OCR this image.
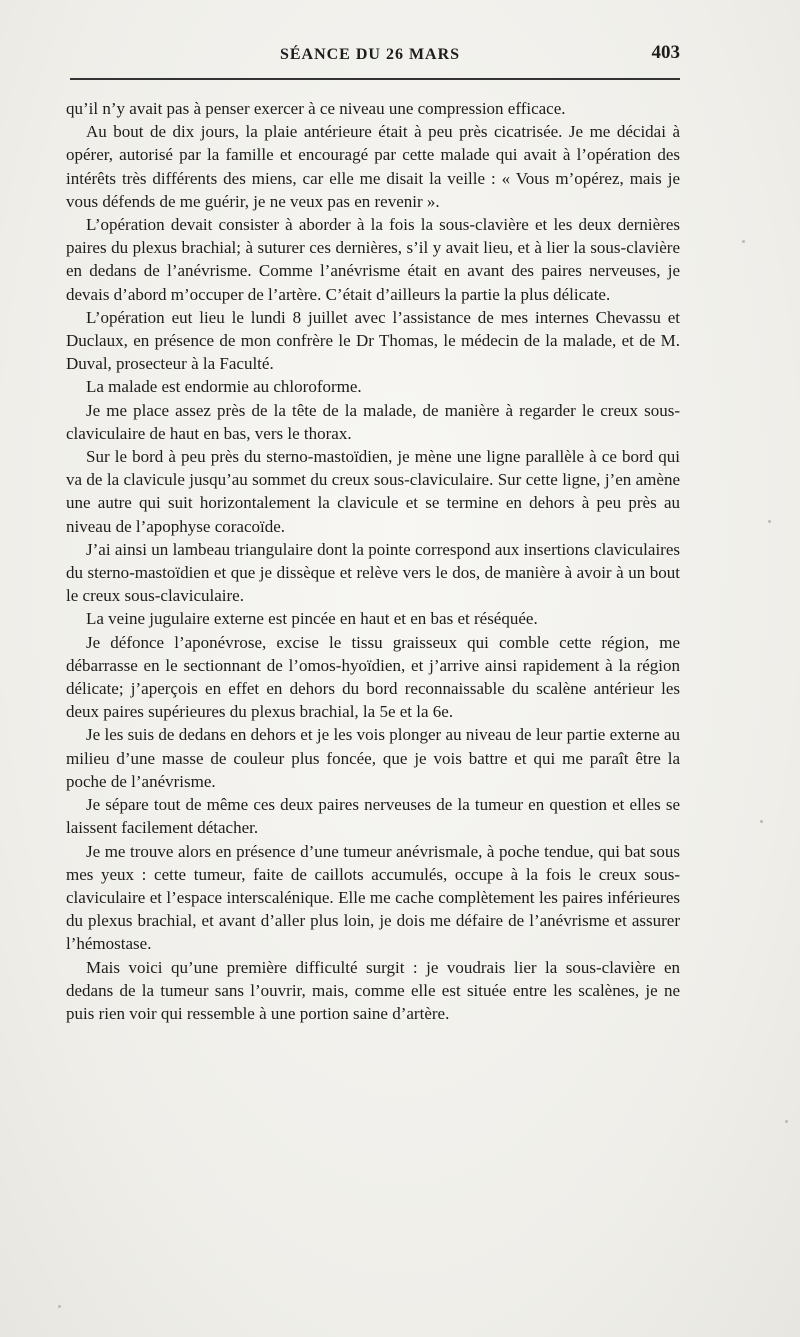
SÉANCE DU 26 MARS	403

qu’il n’y avait pas à penser exercer à ce niveau une compression efficace.

Au bout de dix jours, la plaie antérieure était à peu près cicatrisée. Je me décidai à opérer, autorisé par la famille et encouragé par cette malade qui avait à l’opération des intérêts très différents des miens, car elle me disait la veille : « Vous m’opérez, mais je vous défends de me guérir, je ne veux pas en revenir ».

L’opération devait consister à aborder à la fois la sous-clavière et les deux dernières paires du plexus brachial; à suturer ces dernières, s’il y avait lieu, et à lier la sous-clavière en dedans de l’anévrisme. Comme l’anévrisme était en avant des paires nerveuses, je devais d’abord m’occuper de l’artère. C’était d’ailleurs la partie la plus délicate.

L’opération eut lieu le lundi 8 juillet avec l’assistance de mes internes Chevassu et Duclaux, en présence de mon confrère le Dr Thomas, le médecin de la malade, et de M. Duval, prosecteur à la Faculté.

La malade est endormie au chloroforme.

Je me place assez près de la tête de la malade, de manière à regarder le creux sous-claviculaire de haut en bas, vers le thorax.

Sur le bord à peu près du sterno-mastoïdien, je mène une ligne parallèle à ce bord qui va de la clavicule jusqu’au sommet du creux sous-claviculaire. Sur cette ligne, j’en amène une autre qui suit horizontalement la clavicule et se termine en dehors à peu près au niveau de l’apophyse coracoïde.

J’ai ainsi un lambeau triangulaire dont la pointe correspond aux insertions claviculaires du sterno-mastoïdien et que je dissèque et relève vers le dos, de manière à avoir à un bout le creux sous-claviculaire.

La veine jugulaire externe est pincée en haut et en bas et réséquée.

Je défonce l’aponévrose, excise le tissu graisseux qui comble cette région, me débarrasse en le sectionnant de l’omos-hyoïdien, et j’arrive ainsi rapidement à la région délicate; j’aperçois en effet en dehors du bord reconnaissable du scalène antérieur les deux paires supérieures du plexus brachial, la 5e et la 6e.

Je les suis de dedans en dehors et je les vois plonger au niveau de leur partie externe au milieu d’une masse de couleur plus foncée, que je vois battre et qui me paraît être la poche de l’anévrisme.

Je sépare tout de même ces deux paires nerveuses de la tumeur en question et elles se laissent facilement détacher.

Je me trouve alors en présence d’une tumeur anévrismale, à poche tendue, qui bat sous mes yeux : cette tumeur, faite de caillots accumulés, occupe à la fois le creux sous-claviculaire et l’espace interscalénique. Elle me cache complètement les paires inférieures du plexus brachial, et avant d’aller plus loin, je dois me défaire de l’anévrisme et assurer l’hémostase.

Mais voici qu’une première difficulté surgit : je voudrais lier la sous-clavière en dedans de la tumeur sans l’ouvrir, mais, comme elle est située entre les scalènes, je ne puis rien voir qui ressemble à une portion saine d’artère.
